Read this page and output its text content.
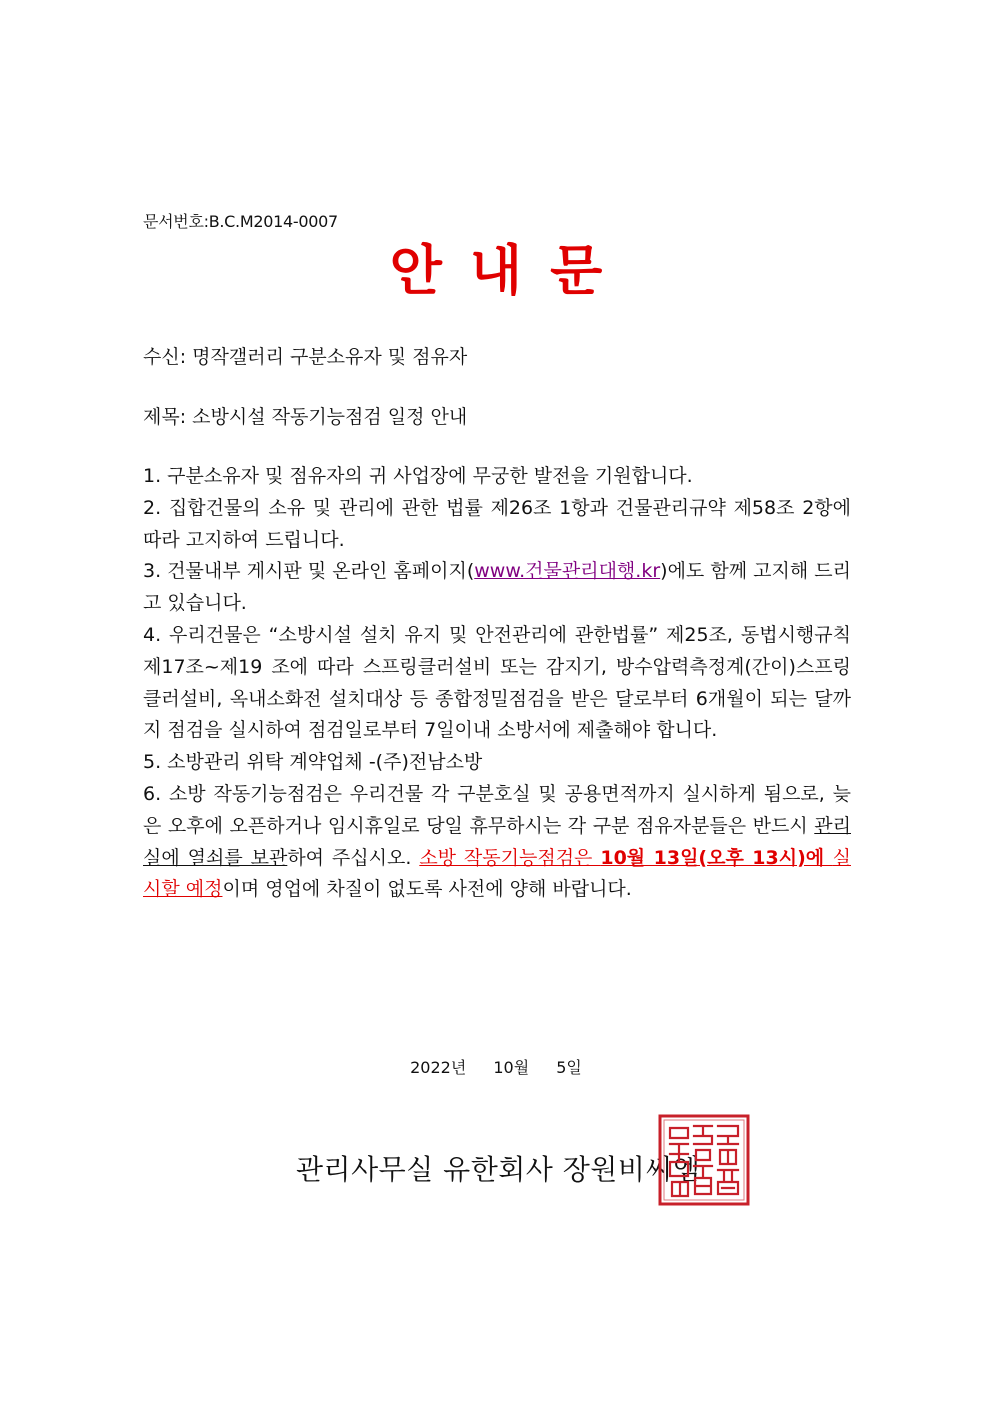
문서번호:B.C.M2014-0007
안내문
수신: 명작갤러리 구분소유자 및 점유자
제목: 소방시설 작동기능점검 일정 안내
1. 구분소유자 및 점유자의 귀 사업장에 무궁한 발전을 기원합니다.
2. 집합건물의 소유 및 관리에 관한 법률 제26조 1항과 건물관리규약 제58조 2항에 따라 고지하여 드립니다.
3. 건물내부 게시판 및 온라인 홈페이지(www.건물관리대행.kr)에도 함께 고지해 드리고 있습니다.
4. 우리건물은 “소방시설 설치 유지 및 안전관리에 관한법률” 제25조, 동법시행규칙 제17조~제19 조에 따라 스프링클러설비 또는 감지기, 방수압력측정계(간이)스프링클러설비, 옥내소화전 설치대상 등 종합정밀점검을 받은 달로부터 6개월이 되는 달까지 점검을 실시하여 점검일로부터 7일이내 소방서에 제출해야 합니다.
5. 소방관리 위탁 계약업체 -(주)전남소방
6. 소방 작동기능점검은 우리건물 각 구분호실 및 공용면적까지 실시하게 됨으로, 늦은 오후에 오픈하거나 임시휴일로 당일 휴무하시는 각 구분 점유자분들은 반드시 관리실에 열쇠를 보관하여 주십시오. 소방 작동기능점검은 10월 13일(오후 13시)에 실시할 예정이며 영업에 차질이 없도록 사전에 양해 바랍니다.
2022년 10월 5일
관리사무실 유한회사 장원비씨엠
